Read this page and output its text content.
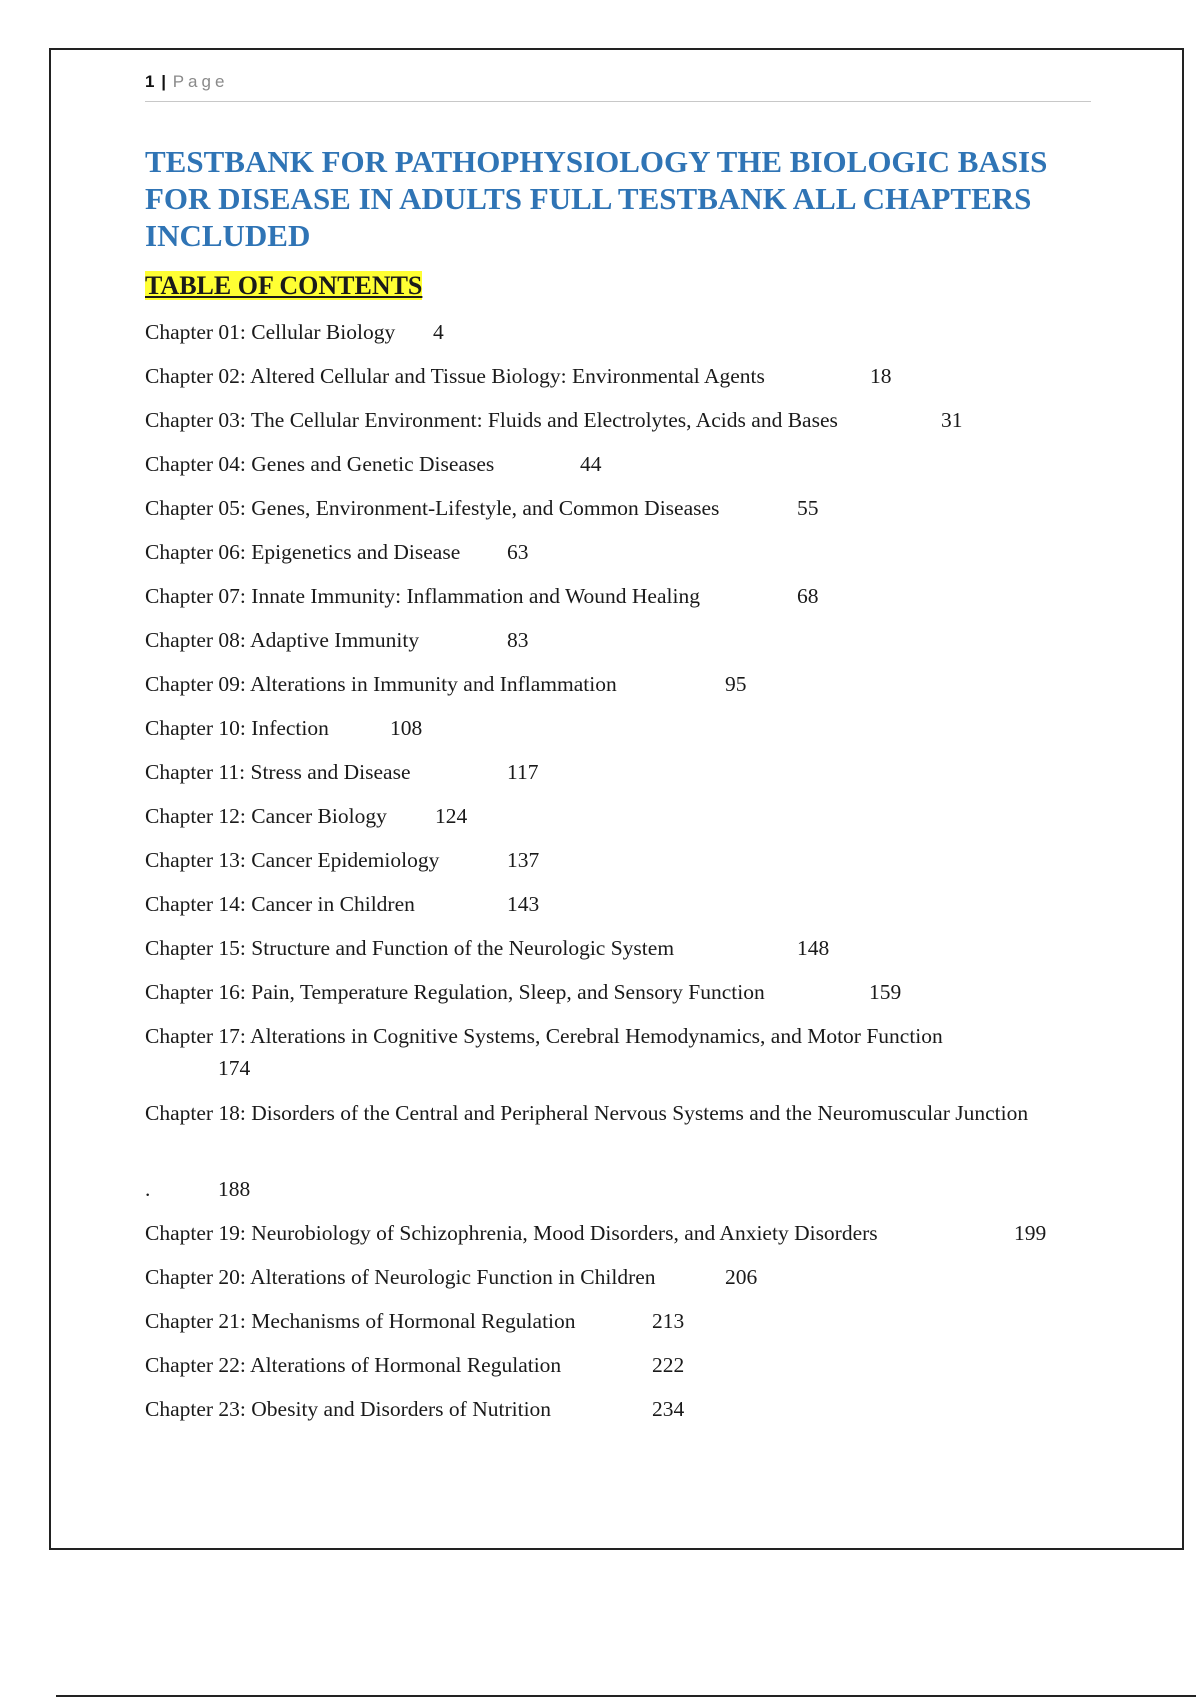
1 | Page
TESTBANK FOR PATHOPHYSIOLOGY THE BIOLOGIC BASIS FOR DISEASE IN ADULTS FULL TESTBANK ALL CHAPTERS INCLUDED
TABLE OF CONTENTS
Chapter 01: Cellular Biology 4
Chapter 02: Altered Cellular and Tissue Biology: Environmental Agents	18
Chapter 03: The Cellular Environment: Fluids and Electrolytes, Acids and Bases	31
Chapter 04: Genes and Genetic Diseases	44
Chapter 05: Genes, Environment-Lifestyle, and Common Diseases	55
Chapter 06: Epigenetics and Disease 63
Chapter 07: Innate Immunity: Inflammation and Wound Healing	68
Chapter 08: Adaptive Immunity	83
Chapter 09: Alterations in Immunity and Inflammation	95
Chapter 10: Infection	108
Chapter 11: Stress and Disease	117
Chapter 12: Cancer Biology 124
Chapter 13: Cancer Epidemiology	137
Chapter 14: Cancer in Children	143
Chapter 15: Structure and Function of the Neurologic System	148
Chapter 16: Pain, Temperature Regulation, Sleep, and Sensory Function	159
Chapter 17: Alterations in Cognitive Systems, Cerebral Hemodynamics, and Motor Function
174
Chapter 18: Disorders of the Central and Peripheral Nervous Systems and the Neuromuscular Junction
.	188
Chapter 19: Neurobiology of Schizophrenia, Mood Disorders, and Anxiety Disorders	199
Chapter 20: Alterations of Neurologic Function in Children	206
Chapter 21: Mechanisms of Hormonal Regulation	213
Chapter 22: Alterations of Hormonal Regulation	222
Chapter 23: Obesity and Disorders of Nutrition	234
